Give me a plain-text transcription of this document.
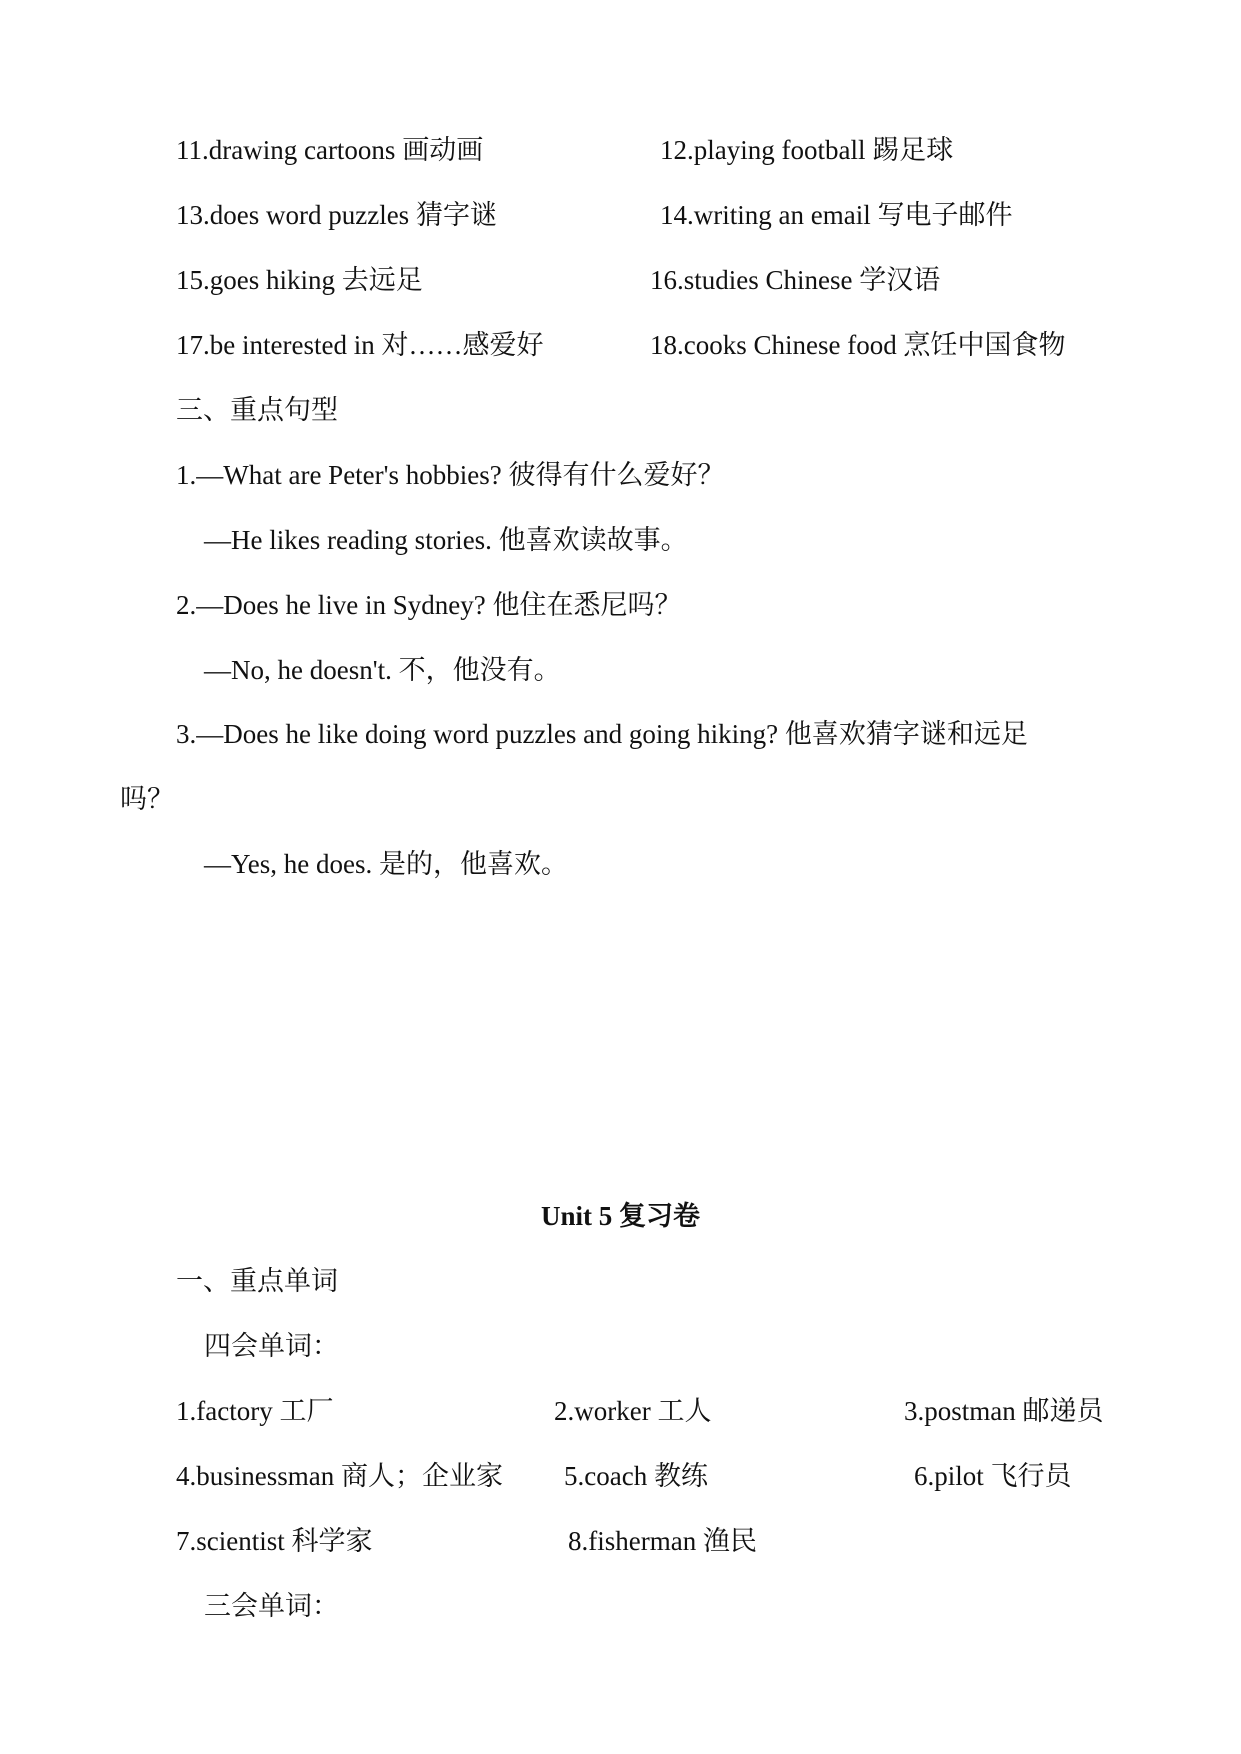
11.drawing cartoons 画动画	12.playing football 踢足球
13.does word puzzles 猜字谜	14.writing an email 写电子邮件
15.goes hiking 去远足	16.studies Chinese 学汉语
17.be interested in 对……感爱好	18.cooks Chinese food 烹饪中国食物
三、重点句型
1.—What are Peter's hobbies? 彼得有什么爱好？
—He likes reading stories. 他喜欢读故事。
2.—Does he live in Sydney? 他住在悉尼吗？
—No, he doesn't. 不，他没有。
3.—Does he like doing word puzzles and going hiking? 他喜欢猜字谜和远足
吗？
—Yes, he does. 是的，他喜欢。
Unit 5 复习卷
一、重点单词
四会单词：
1.factory 工厂	2.worker 工人	3.postman 邮递员
4.businessman 商人；企业家 5.coach 教练	6.pilot 飞行员
7.scientist 科学家	8.fisherman 渔民
三会单词：
